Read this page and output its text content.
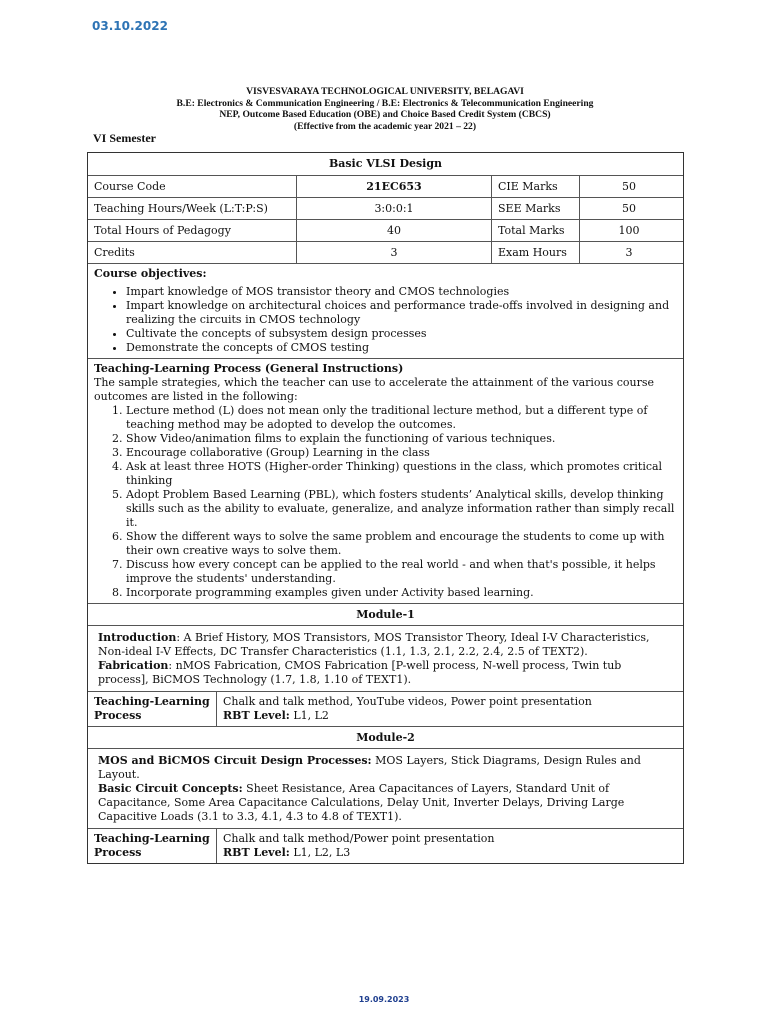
03.10.2022
VISVESVARAYA TECHNOLOGICAL UNIVERSITY, BELAGAVI
B.E: Electronics & Communication Engineering / B.E: Electronics & Telecommunication Engineering
NEP, Outcome Based Education (OBE) and Choice Based Credit System (CBCS)
(Effective from the academic year 2021 – 22)
VI Semester
Basic VLSI Design
Course Code	21EC653	CIE Marks	50
Teaching Hours/Week (L:T:P:S)	3:0:0:1	SEE Marks	50
Total Hours of Pedagogy	40	Total Marks	100
Credits	3	Exam Hours	3

Course objectives:

• Impart knowledge of MOS transistor theory and CMOS technologies
• Impart knowledge on architectural choices and performance trade-offs involved in designing and realizing the circuits in CMOS technology
• Cultivate the concepts of subsystem design processes
• Demonstrate the concepts of CMOS testing

Teaching-Learning Process (General Instructions)

The sample strategies, which the teacher can use to accelerate the attainment of the various course outcomes are listed in the following:

1. Lecture method (L) does not mean only the traditional lecture method, but a different type of teaching method may be adopted to develop the outcomes.
2. Show Video/animation films to explain the functioning of various techniques.
3. Encourage collaborative (Group) Learning in the class
4. Ask at least three HOTS (Higher-order Thinking) questions in the class, which promotes critical thinking
5. Adopt Problem Based Learning (PBL), which fosters students’ Analytical skills, develop thinking skills such as the ability to evaluate, generalize, and analyze information rather than simply recall it.
6. Show the different ways to solve the same problem and encourage the students to come up with their own creative ways to solve them.
7. Discuss how every concept can be applied to the real world - and when that's possible, it helps improve the students' understanding.
8. Incorporate programming examples given under Activity based learning.
Module-1

Introduction: A Brief History, MOS Transistors, MOS Transistor Theory, Ideal I-V Characteristics, Non-ideal I-V Effects, DC Transfer Characteristics (1.1, 1.3, 2.1, 2.2, 2.4, 2.5 of TEXT2).

Fabrication: nMOS Fabrication, CMOS Fabrication [P-well process, N-well process, Twin tub process], BiCMOS Technology (1.7, 1.8, 1.10 of TEXT1).

Teaching-Learning Process

Chalk and talk method, YouTube videos, Power point presentation

RBT Level: L1, L2

Module-2

MOS and BiCMOS Circuit Design Processes: MOS Layers, Stick Diagrams, Design Rules and Layout.

Basic Circuit Concepts: Sheet Resistance, Area Capacitances of Layers, Standard Unit of Capacitance, Some Area Capacitance Calculations, Delay Unit, Inverter Delays, Driving Large Capacitive Loads (3.1 to 3.3, 4.1, 4.3 to 4.8 of TEXT1).

Teaching-Learning Process

Chalk and talk method/Power point presentation

RBT Level: L1, L2, L3

19.09.2023
